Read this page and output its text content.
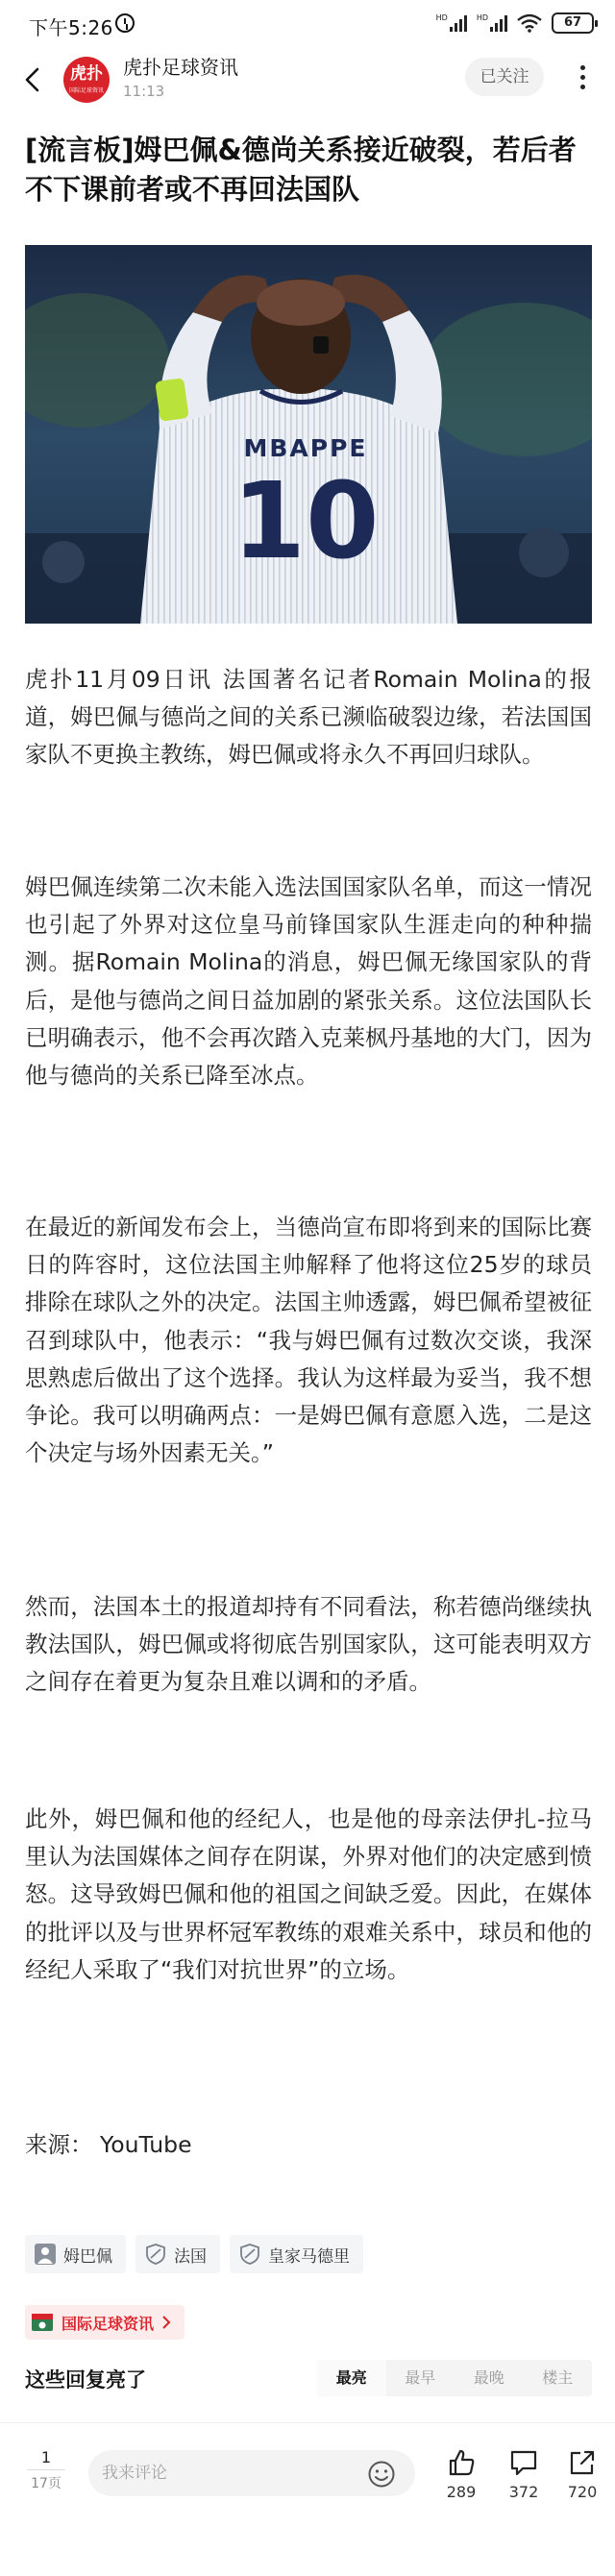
下午5:26	HD	HD	67
虎扑
国际足球资讯
虎扑足球资讯
11:13
已关注
[流言板]姆巴佩&德尚关系接近破裂，若后者不下课前者或不再回法国队
MBAPPE
10

虎扑11月09日讯 法国著名记者Romain Molina的报道，姆巴佩与德尚之间的关系已濒临破裂边缘，若法国国家队不更换主教练，姆巴佩或将永久不再回归球队。

姆巴佩连续第二次未能入选法国国家队名单，而这一情况也引起了外界对这位皇马前锋国家队生涯走向的种种揣测。据Romain Molina的消息，姆巴佩无缘国家队的背后，是他与德尚之间日益加剧的紧张关系。这位法国队长已明确表示，他不会再次踏入克莱枫丹基地的大门，因为他与德尚的关系已降至冰点。

在最近的新闻发布会上，当德尚宣布即将到来的国际比赛日的阵容时，这位法国主帅解释了他将这位25岁的球员排除在球队之外的决定。法国主帅透露，姆巴佩希望被征召到球队中，他表示：“我与姆巴佩有过数次交谈，我深思熟虑后做出了这个选择。我认为这样最为妥当，我不想争论。我可以明确两点：一是姆巴佩有意愿入选，二是这个决定与场外因素无关。”

然而，法国本土的报道却持有不同看法，称若德尚继续执教法国队，姆巴佩或将彻底告别国家队，这可能表明双方之间存在着更为复杂且难以调和的矛盾。

此外，姆巴佩和他的经纪人，也是他的母亲法伊扎-拉马里认为法国媒体之间存在阴谋，外界对他们的决定感到愤怒。这导致姆巴佩和他的祖国之间缺乏爱。因此，在媒体的批评以及与世界杯冠军教练的艰难关系中，球员和他的经纪人采取了“我们对抗世界”的立场。

来源： YouTube
姆巴佩	法国	皇家马德里
国际足球资讯
这些回复亮了	最亮	最早	最晚	楼主
1
17页
我来评论	289	372	720
